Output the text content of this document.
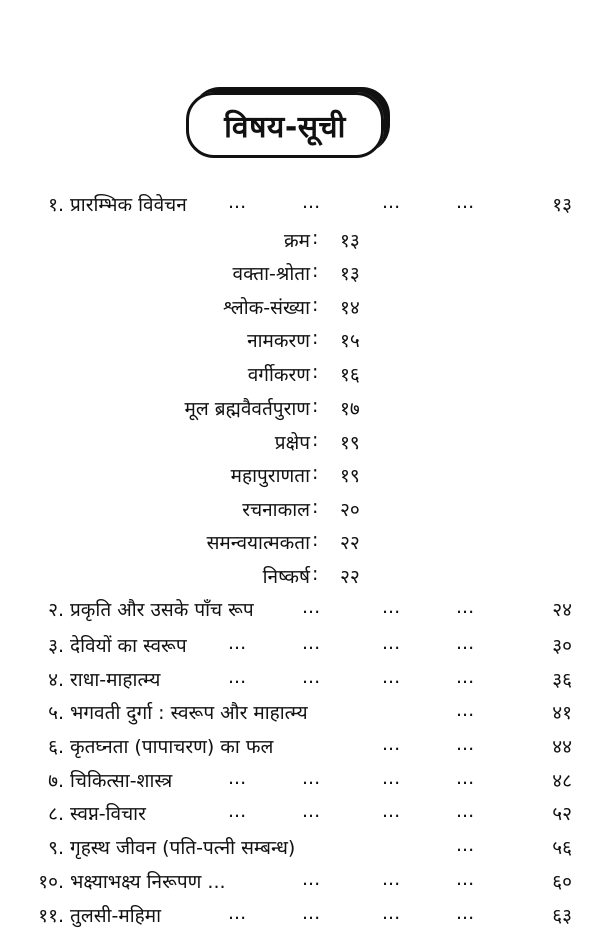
विषय-सूची
१. प्रारम्भिक विवेचन ...	...	...	...	१३
क्रम : १३
वक्ता-श्रोता : १३
श्लोक-संख्या : १४
नामकरण : १५
वर्गीकरण : १६
मूल ब्रह्मवैवर्तपुराण : १७
प्रक्षेप : १९
महापुराणता : १९
रचनाकाल : २०
समन्वयात्मकता : २२
निष्कर्ष : २२
२. प्रकृति और उसके पाँच रूप	...	...	...	२४
३. देवियों का स्वरूप ...	...	...	...	३०
४. राधा-माहात्म्य	...	...	...	...	३६
५. भगवती दुर्गा : स्वरूप और माहात्म्य	...	४१
६. कृतघ्नता (पापाचरण) का फल	...	...	४४
७. चिकित्सा-शास्त्र	...	...	...	...	४८
८. स्वप्न-विचार	...	...	...	...	५२
९. गृहस्थ जीवन (पति-पत्नी सम्बन्ध)	...	५६
१०. भक्ष्याभक्ष्य निरूपण ...	...	...	...	६०
११. तुलसी-महिमा	...	...	...	...	६३
